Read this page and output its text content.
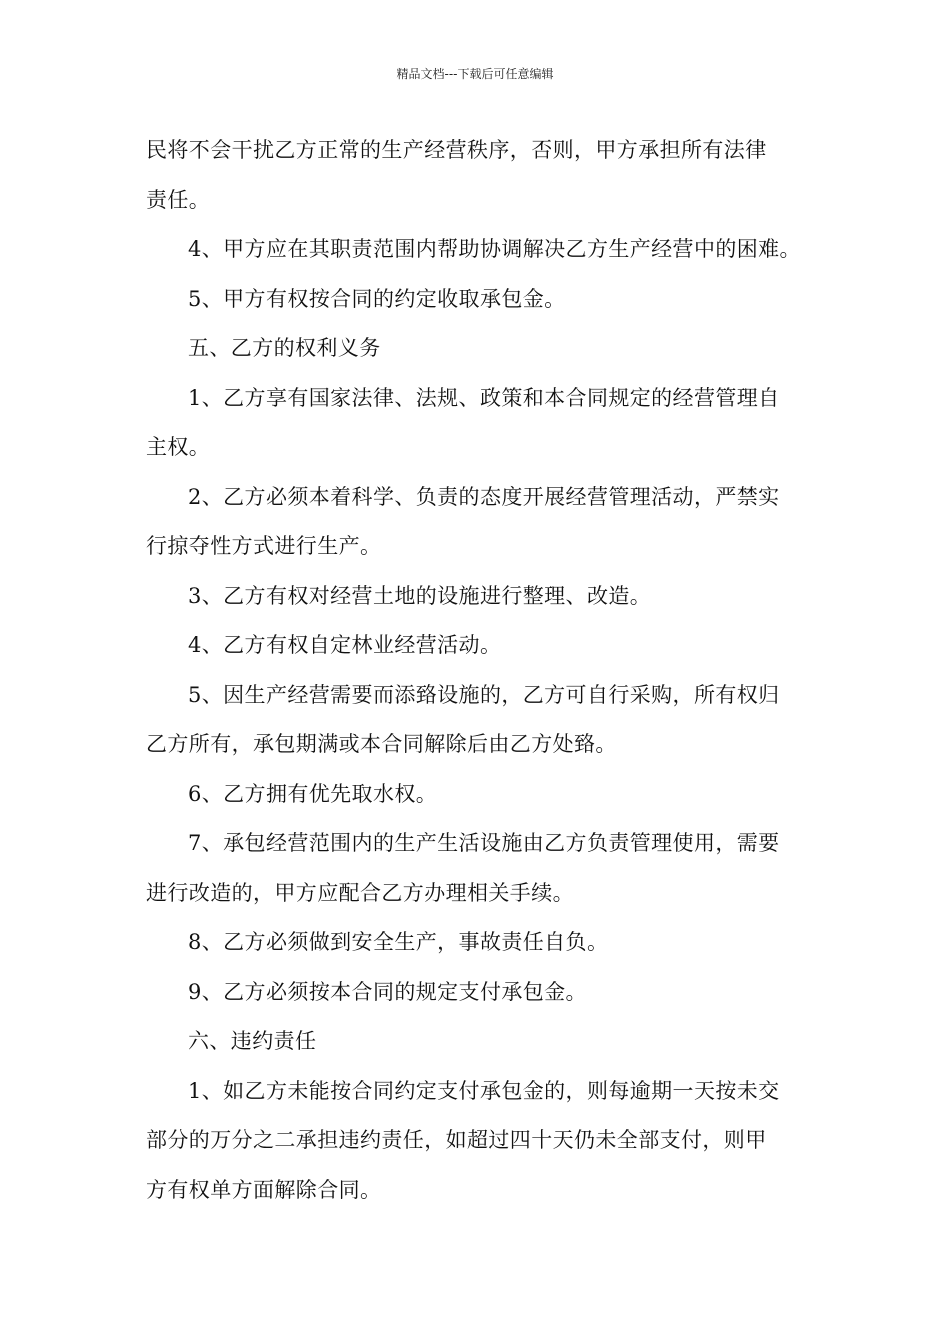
精品文档---下载后可任意编辑
民将不会干扰乙方正常的生产经营秩序，否则，甲方承担所有法律
责任。
4、甲方应在其职责范围内帮助协调解决乙方生产经营中的困难。
5、甲方有权按合同的约定收取承包金。
五、乙方的权利义务
1、乙方享有国家法律、法规、政策和本合同规定的经营管理自
主权。
2、乙方必须本着科学、负责的态度开展经营管理活动，严禁实
行掠夺性方式进行生产。
3、乙方有权对经营土地的设施进行整理、改造。
4、乙方有权自定林业经营活动。
5、因生产经营需要而添臵设施的，乙方可自行采购，所有权归
乙方所有，承包期满或本合同解除后由乙方处臵。
6、乙方拥有优先取水权。
7、承包经营范围内的生产生活设施由乙方负责管理使用，需要
进行改造的，甲方应配合乙方办理相关手续。
8、乙方必须做到安全生产，事故责任自负。
9、乙方必须按本合同的规定支付承包金。
六、违约责任
1、如乙方未能按合同约定支付承包金的，则每逾期一天按未交
部分的万分之二承担违约责任，如超过四十天仍未全部支付，则甲
方有权单方面解除合同。
